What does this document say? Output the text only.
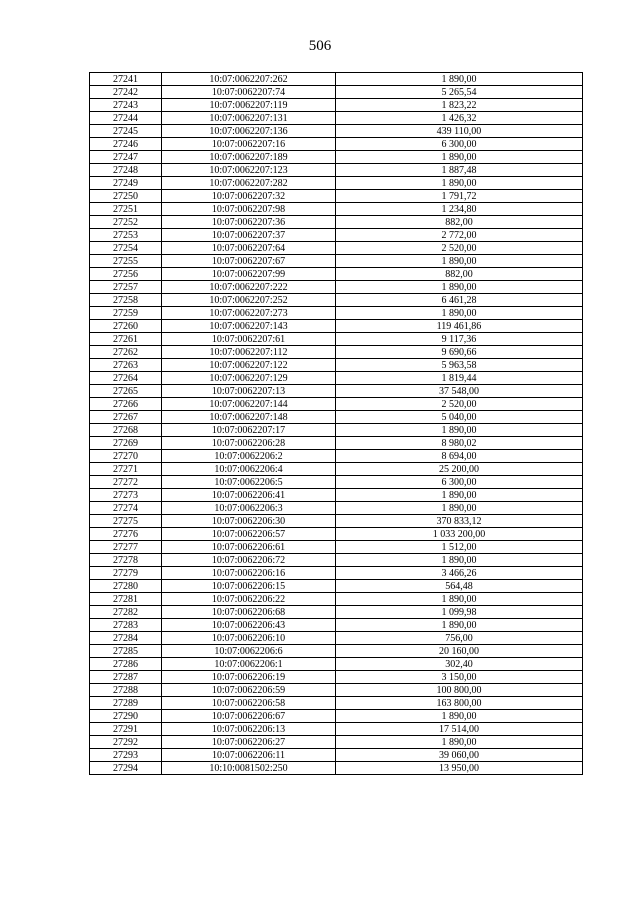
506
27241	10:07:0062207:262	1 890,00
27242	10:07:0062207:74	5 265,54
27243	10:07:0062207:119	1 823,22
27244	10:07:0062207:131	1 426,32
27245	10:07:0062207:136	439 110,00
27246	10:07:0062207:16	6 300,00
27247	10:07:0062207:189	1 890,00
27248	10:07:0062207:123	1 887,48
27249	10:07:0062207:282	1 890,00
27250	10:07:0062207:32	1 791,72
27251	10:07:0062207:98	1 234,80
27252	10:07:0062207:36	882,00
27253	10:07:0062207:37	2 772,00
27254	10:07:0062207:64	2 520,00
27255	10:07:0062207:67	1 890,00
27256	10:07:0062207:99	882,00
27257	10:07:0062207:222	1 890,00
27258	10:07:0062207:252	6 461,28
27259	10:07:0062207:273	1 890,00
27260	10:07:0062207:143	119 461,86
27261	10:07:0062207:61	9 117,36
27262	10:07:0062207:112	9 690,66
27263	10:07:0062207:122	5 963,58
27264	10:07:0062207:129	1 819,44
27265	10:07:0062207:13	37 548,00
27266	10:07:0062207:144	2 520,00
27267	10:07:0062207:148	5 040,00
27268	10:07:0062207:17	1 890,00
27269	10:07:0062206:28	8 980,02
27270	10:07:0062206:2	8 694,00
27271	10:07:0062206:4	25 200,00
27272	10:07:0062206:5	6 300,00
27273	10:07:0062206:41	1 890,00
27274	10:07:0062206:3	1 890,00
27275	10:07:0062206:30	370 833,12
27276	10:07:0062206:57	1 033 200,00
27277	10:07:0062206:61	1 512,00
27278	10:07:0062206:72	1 890,00
27279	10:07:0062206:16	3 466,26
27280	10:07:0062206:15	564,48
27281	10:07:0062206:22	1 890,00
27282	10:07:0062206:68	1 099,98
27283	10:07:0062206:43	1 890,00
27284	10:07:0062206:10	756,00
27285	10:07:0062206:6	20 160,00
27286	10:07:0062206:1	302,40
27287	10:07:0062206:19	3 150,00
27288	10:07:0062206:59	100 800,00
27289	10:07:0062206:58	163 800,00
27290	10:07:0062206:67	1 890,00
27291	10:07:0062206:13	17 514,00
27292	10:07:0062206:27	1 890,00
27293	10:07:0062206:11	39 060,00
27294	10:10:0081502:250	13 950,00
